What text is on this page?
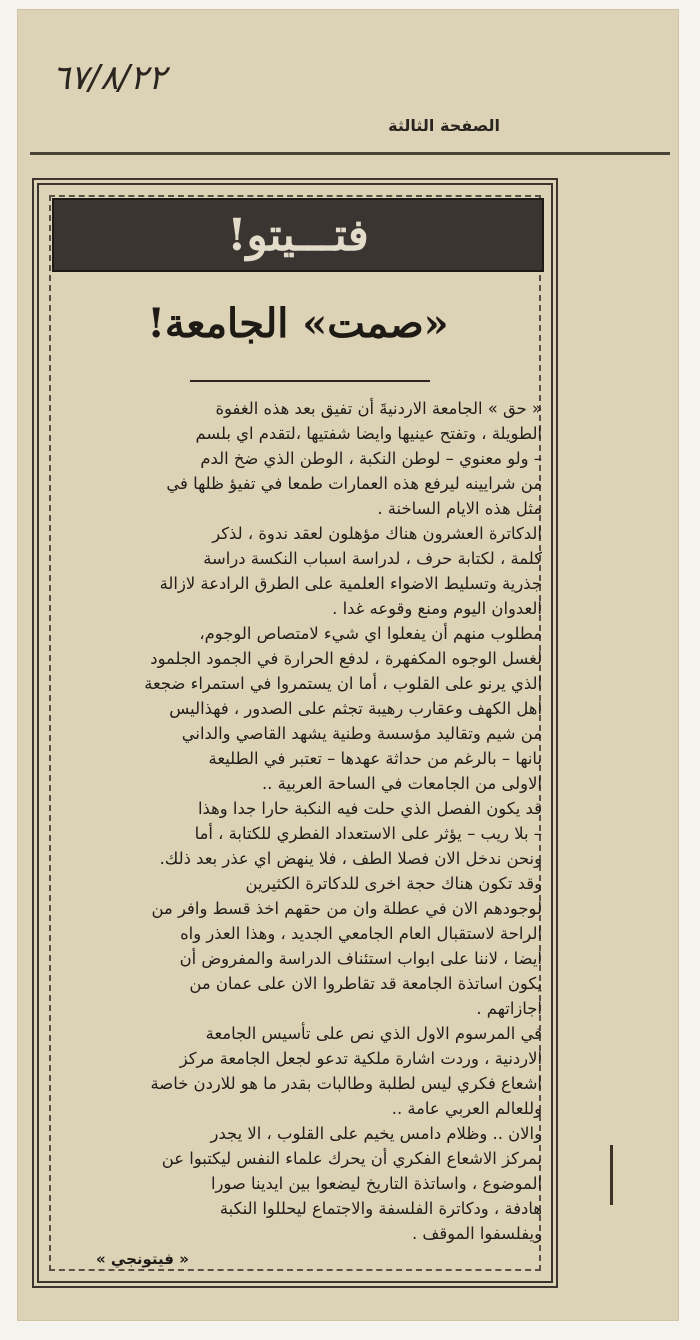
٦٧/٨/٢٢
الصفحة الثالثة
فتـــيتو!
«صمت» الجامعة!
« حق » الجامعة الاردنيةَ أن تفيق بعد هذه الغفوة
الطويلة ، وتفتح عينيها وايضا شفتيها ،لتقدم اي بلسم
– ولو معنوي – لوطن النكبة ، الوطن الذي ضخ الدم
من شرايينه ليرفع هذه العمارات طمعا في تفيؤ ظلها في
مثل هذه الايام الساخنة .
الدكاترة العشرون هناك مؤهلون لعقد ندوة ، لذكر
كلمة ، لكتابة حرف ، لدراسة اسباب النكسة دراسة
جذرية وتسليط الاضواء العلمية على الطرق الرادعة لازالة
العدوان اليوم ومنع وقوعه غدا .
مطلوب منهم أن يفعلوا اي شيء لامتصاص الوجوم،
لغسل الوجوه المكفهرة ، لدفع الحرارة في الجمود الجلمود
الذي يرنو على القلوب ، أما ان يستمروا في استمراء ضجعة
اهل الكهف وعقارب رهيبة تجثم على الصدور ، فهذاليس
من شيم وتقاليد مؤسسة وطنية يشهد القاصي والداني
بانها – بالرغم من حداثة عهدها – تعتبر في الطليعة
الاولى من الجامعات في الساحة العربية ..
قد يكون الفصل الذي حلت فيه النكبة حارا جدا وهذا
– بلا ريب – يؤثر على الاستعداد الفطري للكتابة ، أما
ونحن ندخل الان فصلا الطف ، فلا ينهض اي عذر بعد ذلك.
وقد تكون هناك حجة اخرى للدكاترة الكثيرين
لوجودهم الان في عطلة وان من حقهم اخذ قسط وافر من
الراحة لاستقبال العام الجامعي الجديد ، وهذا العذر واه
ايضا ، لاننا على ابواب استئناف الدراسة والمفروض أن
يكون اساتذة الجامعة قد تقاطروا الان على عمان من
اجازاتهم .
في المرسوم الاول الذي نص على تأسيس الجامعة
الاردنية ، وردت اشارة ملكية تدعو لجعل الجامعة مركز
اشعاع فكري ليس لطلبة وطالبات بقدر ما هو للاردن خاصة
وللعالم العربي عامة ..
والان .. وظلام دامس يخيم على القلوب ، الا يجدر
بمركز الاشعاع الفكري أن يحرك علماء النفس ليكتبوا عن
الموضوع ، واساتذة التاريخ ليضعوا بين ايدينا صورا
هادفة ، ودكاترة الفلسفة والاجتماع ليحللوا النكبة
ويفلسفوا الموقف .
« فيتونجي »
